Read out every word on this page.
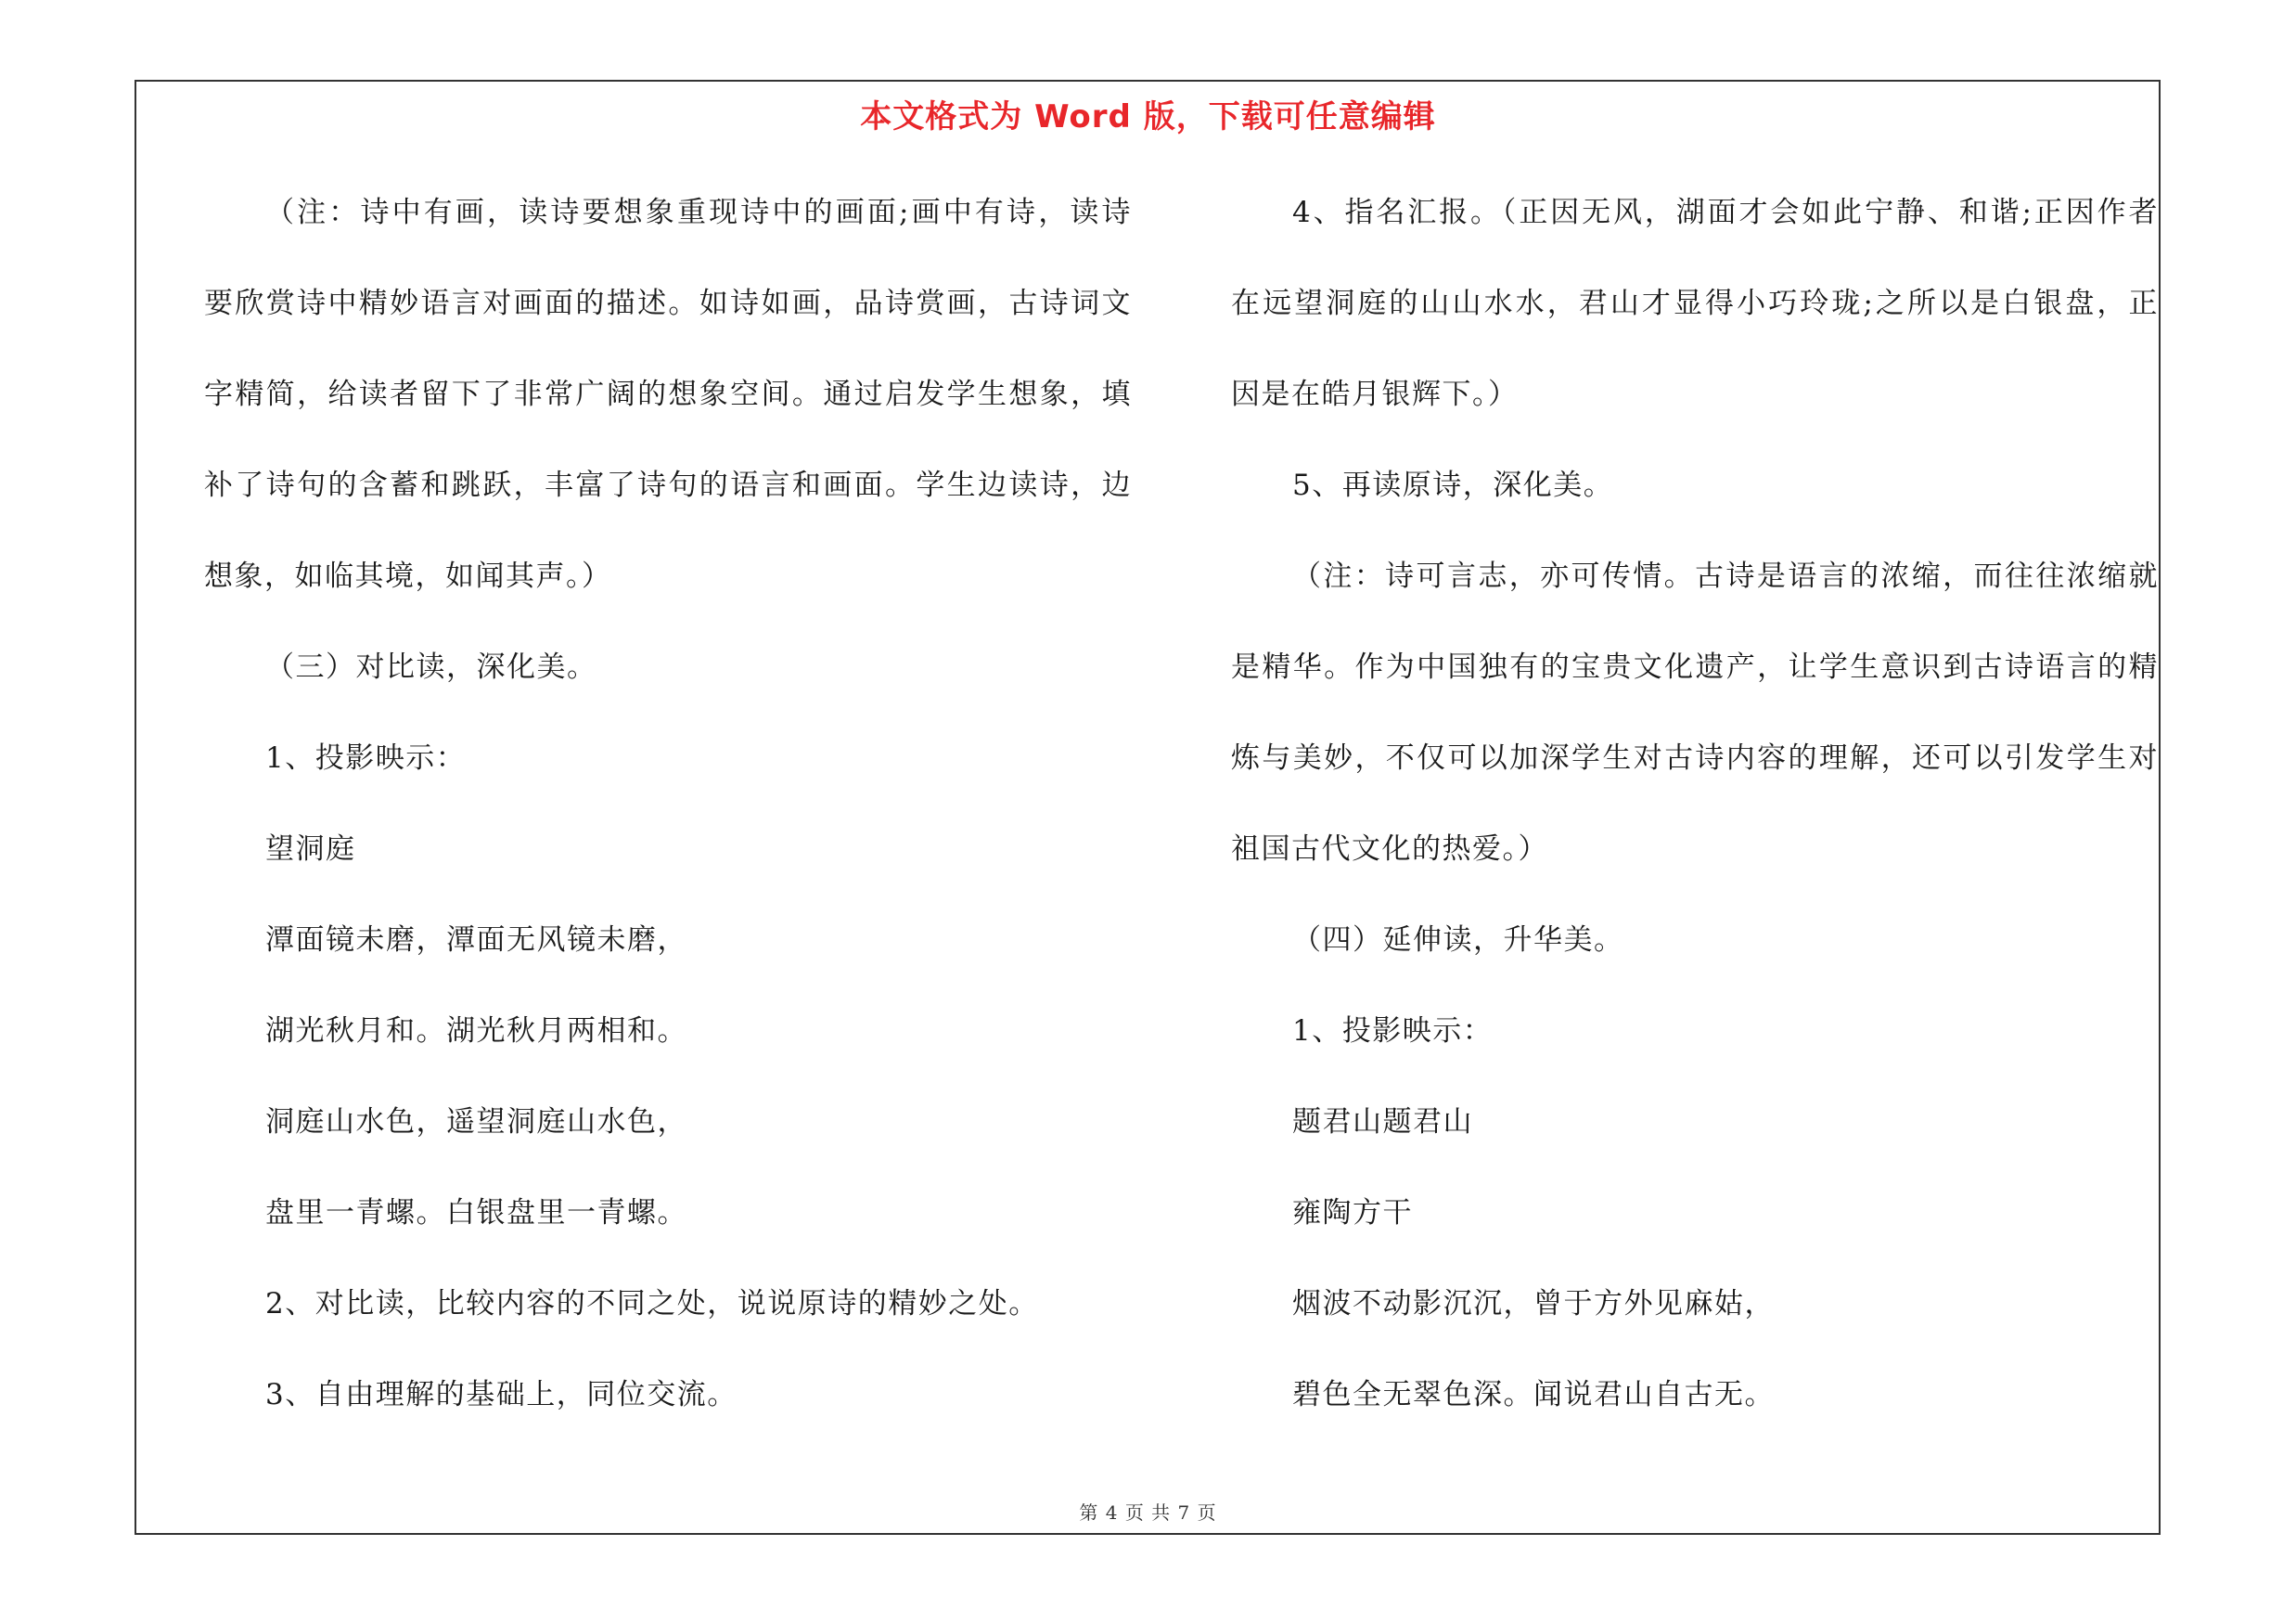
本文格式为 Word 版，下载可任意编辑
（注：诗中有画，读诗要想象重现诗中的画面;画中有诗，读诗
要欣赏诗中精妙语言对画面的描述。如诗如画，品诗赏画，古诗词文
字精简，给读者留下了非常广阔的想象空间。通过启发学生想象，填
补了诗句的含蓄和跳跃，丰富了诗句的语言和画面。学生边读诗，边
想象，如临其境，如闻其声。）
（三）对比读，深化美。
1、投影映示：
望洞庭
潭面镜未磨，潭面无风镜未磨，
湖光秋月和。湖光秋月两相和。
洞庭山水色，遥望洞庭山水色，
盘里一青螺。白银盘里一青螺。
2、对比读，比较内容的不同之处，说说原诗的精妙之处。
3、自由理解的基础上，同位交流。
4、指名汇报。（正因无风，湖面才会如此宁静、和谐;正因作者
在远望洞庭的山山水水，君山才显得小巧玲珑;之所以是白银盘，正
因是在皓月银辉下。）
5、再读原诗，深化美。
（注：诗可言志，亦可传情。古诗是语言的浓缩，而往往浓缩就
是精华。作为中国独有的宝贵文化遗产，让学生意识到古诗语言的精
炼与美妙，不仅可以加深学生对古诗内容的理解，还可以引发学生对
祖国古代文化的热爱。）
（四）延伸读，升华美。
1、投影映示：
题君山题君山
雍陶方干
烟波不动影沉沉，曾于方外见麻姑，
碧色全无翠色深。闻说君山自古无。
第 4 页 共 7 页
